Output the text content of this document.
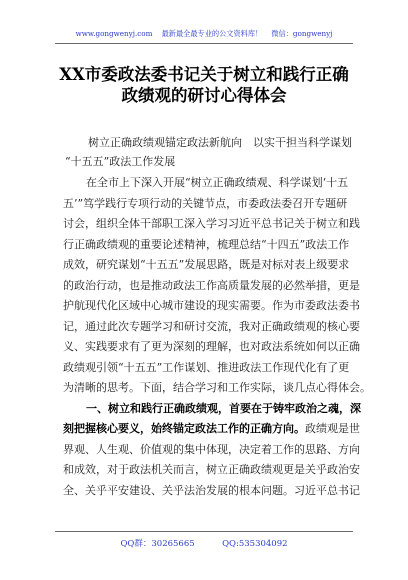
www.gongwenyj.com 最新最全最专业的公文资料库！ 微信：gongwenyj
XX市委政法委书记关于树立和践行正确
政绩观的研讨心得体会
树立正确政绩观锚定政法新航向　以实干担当科学谋划
“十五五”政法工作发展
在全市上下深入开展“树立正确政绩观、科学谋划‘十五
五’”笃学践行专项行动的关键节点，市委政法委召开专题研
讨会，组织全体干部职工深入学习习近平总书记关于树立和践
行正确政绩观的重要论述精神，梳理总结“十四五”政法工作
成效，研究谋划“十五五”发展思路，既是对标对表上级要求
的政治行动，也是推动政法工作高质量发展的必然举措，更是
护航现代化区域中心城市建设的现实需要。作为市委政法委书
记，通过此次专题学习和研讨交流，我对正确政绩观的核心要
义、实践要求有了更为深刻的理解，也对政法系统如何以正确
政绩观引领“十五五”工作谋划、推进政法工作现代化有了更
为清晰的思考。下面，结合学习和工作实际，谈几点心得体会。
一、树立和践行正确政绩观，首要在于铸牢政治之魂，深
刻把握核心要义，始终锚定政法工作的正确方向。政绩观是世
界观、人生观、价值观的集中体现，决定着工作的思路、方向
和成效，对于政法机关而言，树立正确政绩观更是关乎政治安
全、关乎平安建设、关乎法治发展的根本问题。习近平总书记
QQ群：30265665	QQ:535304092
